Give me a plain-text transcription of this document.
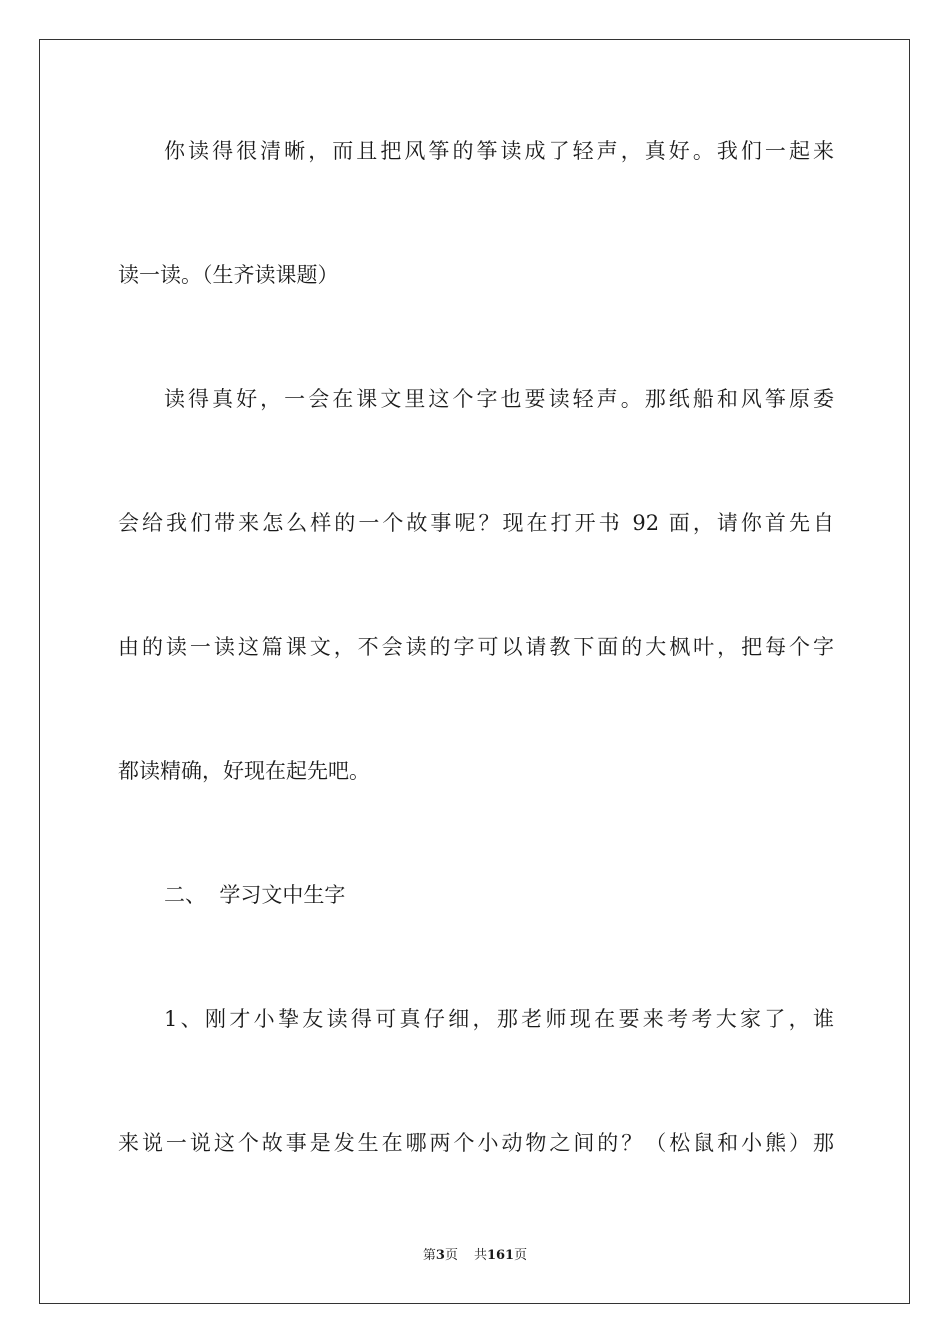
你读得很清晰，而且把风筝的筝读成了轻声，真好。我们一起来
读一读。（生齐读课题）
读得真好，一会在课文里这个字也要读轻声。那纸船和风筝原委
会给我们带来怎么样的一个故事呢？现在打开书 92 面，请你首先自
由的读一读这篇课文，不会读的字可以请教下面的大枫叶，把每个字
都读精确，好现在起先吧。
二、  学习文中生字
1、刚才小挚友读得可真仔细，那老师现在要来考考大家了，谁
来说一说这个故事是发生在哪两个小动物之间的？（松鼠和小熊）那
第3页 共161页
